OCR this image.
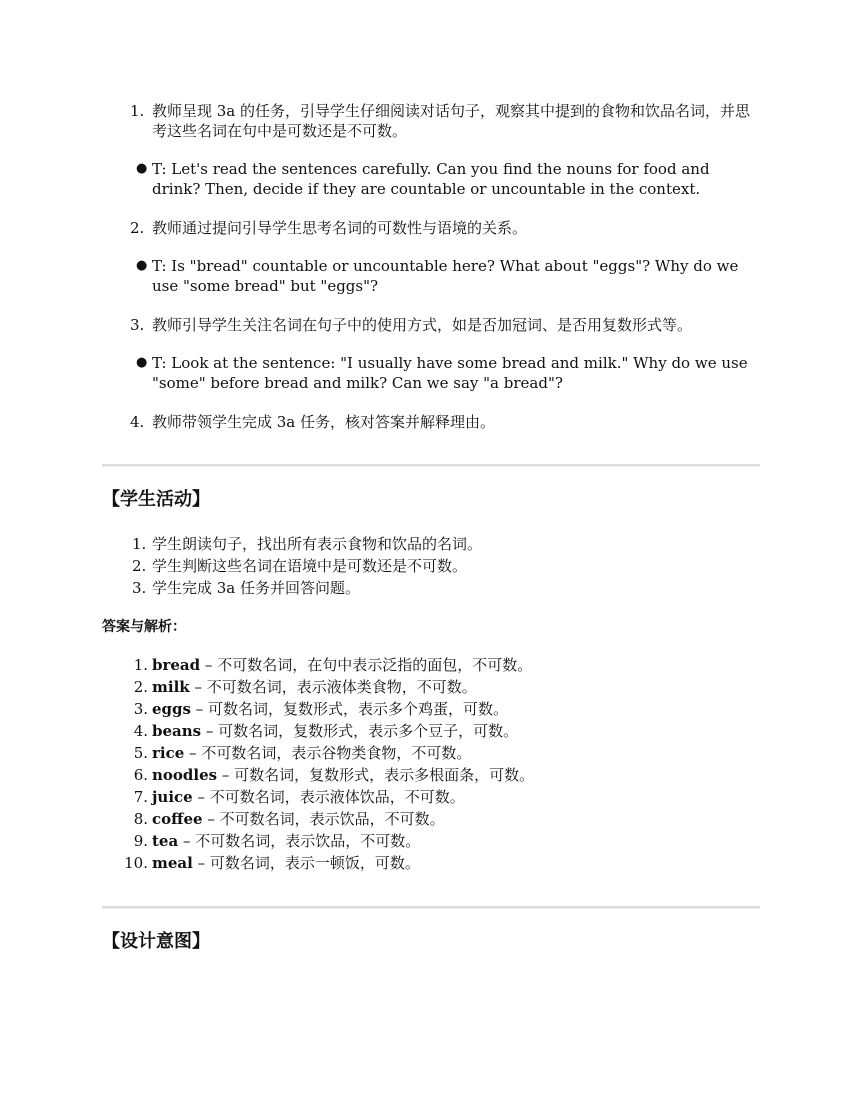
1. 教师呈现 3a 的任务，引导学生仔细阅读对话句子，观察其中提到的食物和饮品名词，并思考这些名词在句中是可数还是不可数。
● T: Let's read the sentences carefully. Can you find the nouns for food and drink? Then, decide if they are countable or uncountable in the context.
2. 教师通过提问引导学生思考名词的可数性与语境的关系。
● T: Is "bread" countable or uncountable here? What about "eggs"? Why do we use "some bread" but "eggs"?
3. 教师引导学生关注名词在句子中的使用方式，如是否加冠词、是否用复数形式等。
● T: Look at the sentence: "I usually have some bread and milk." Why do we use "some" before bread and milk? Can we say "a bread"?
4. 教师带领学生完成 3a 任务，核对答案并解释理由。
【学生活动】
1. 学生朗读句子，找出所有表示食物和饮品的名词。
2. 学生判断这些名词在语境中是可数还是不可数。
3. 学生完成 3a 任务并回答问题。
答案与解析：
1. bread – 不可数名词，在句中表示泛指的面包，不可数。
2. milk – 不可数名词，表示液体类食物，不可数。
3. eggs – 可数名词，复数形式，表示多个鸡蛋，可数。
4. beans – 可数名词，复数形式，表示多个豆子，可数。
5. rice – 不可数名词，表示谷物类食物，不可数。
6. noodles – 可数名词，复数形式，表示多根面条，可数。
7. juice – 不可数名词，表示液体饮品，不可数。
8. coffee – 不可数名词，表示饮品，不可数。
9. tea – 不可数名词，表示饮品，不可数。
10. meal – 可数名词，表示一顿饭，可数。
【设计意图】
